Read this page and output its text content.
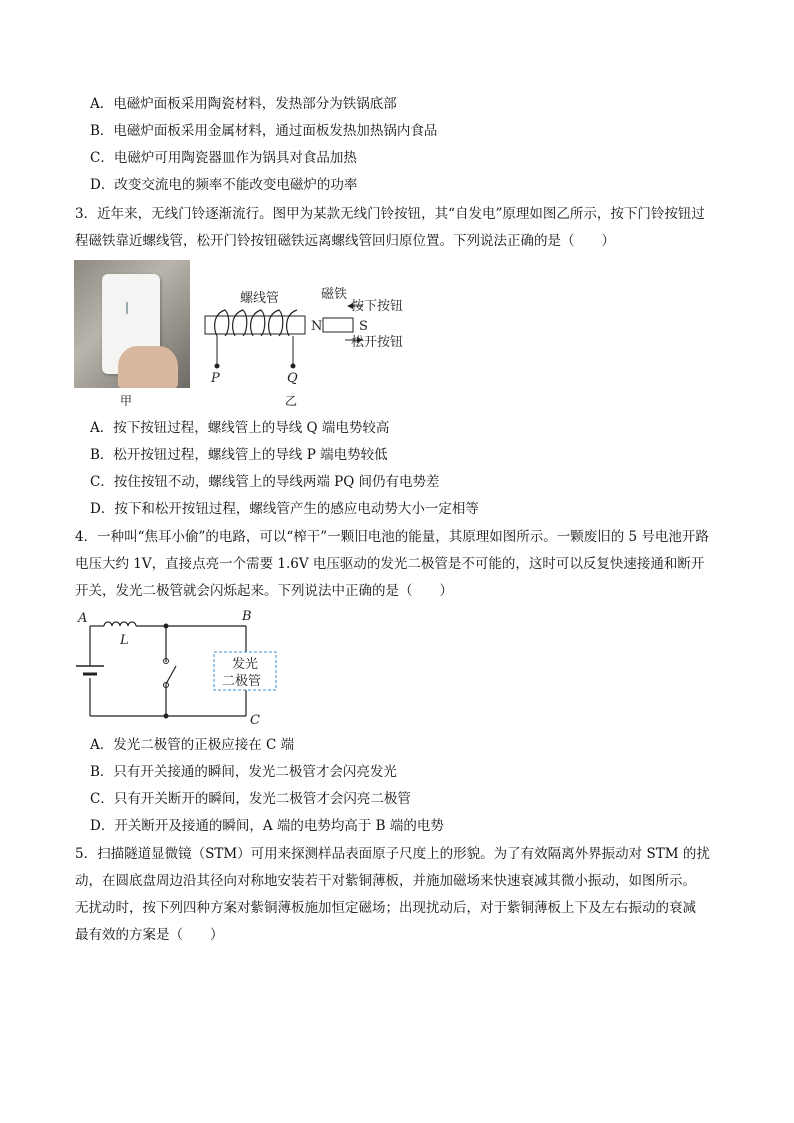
A．电磁炉面板采用陶瓷材料，发热部分为铁锅底部
B．电磁炉面板采用金属材料，通过面板发热加热锅内食品
C．电磁炉可用陶瓷器皿作为锅具对食品加热
D．改变交流电的频率不能改变电磁炉的功率
3．近年来，无线门铃逐渐流行。图甲为某款无线门铃按钮，其“自发电”原理如图乙所示，按下门铃按钮过
程磁铁靠近螺线管，松开门铃按钮磁铁远离螺线管回归原位置。下列说法正确的是（　　）
甲
螺线管
P	Q
磁铁
按下按钮
N	S
松开按钮
乙
A．按下按钮过程，螺线管上的导线 Q 端电势较高
B．松开按钮过程，螺线管上的导线 P 端电势较低
C．按住按钮不动，螺线管上的导线两端 PQ 间仍有电势差
D．按下和松开按钮过程，螺线管产生的感应电动势大小一定相等
4．一种叫“焦耳小偷”的电路，可以“榨干”一颗旧电池的能量，其原理如图所示。一颗废旧的 5 号电池开路
电压大约 1V，直接点亮一个需要 1.6V 电压驱动的发光二极管是不可能的，这时可以反复快速接通和断开
开关，发光二极管就会闪烁起来。下列说法中正确的是（　　）
A	B
C
L
发光
二极管
A．发光二极管的正极应接在 C 端
B．只有开关接通的瞬间，发光二极管才会闪亮发光
C．只有开关断开的瞬间，发光二极管才会闪亮二极管
D．开关断开及接通的瞬间，A 端的电势均高于 B 端的电势
5．扫描隧道显微镜（STM）可用来探测样品表面原子尺度上的形貌。为了有效隔离外界振动对 STM 的扰
动，在圆底盘周边沿其径向对称地安装若干对紫铜薄板，并施加磁场来快速衰减其微小振动，如图所示。
无扰动时，按下列四种方案对紫铜薄板施加恒定磁场；出现扰动后，对于紫铜薄板上下及左右振动的衰减
最有效的方案是（　　）
